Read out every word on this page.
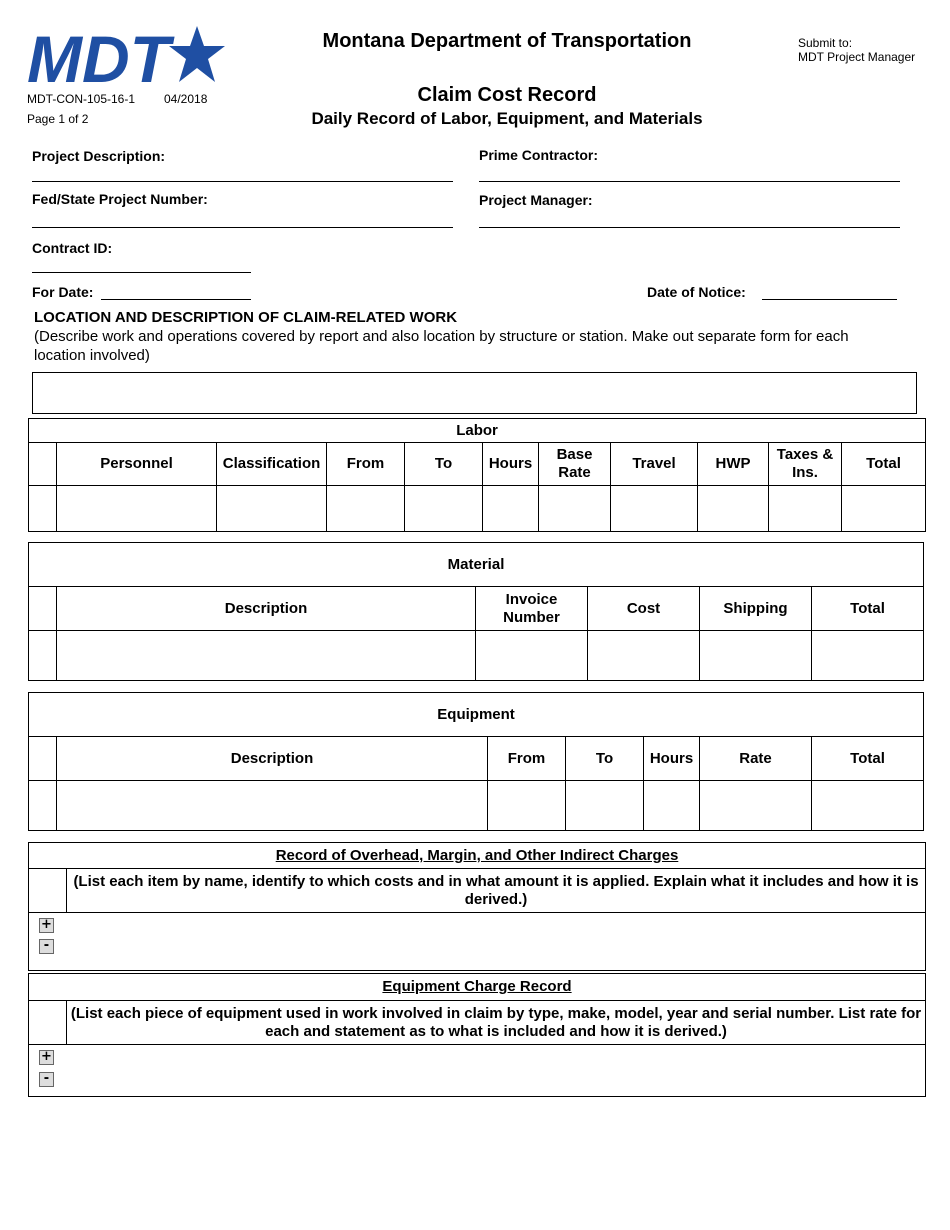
MDT
MDT-CON-105-16-1 04/2018
Page 1 of 2
Montana Department of Transportation
Claim Cost Record
Daily Record of Labor, Equipment, and Materials
Submit to:
MDT Project Manager
Project Description:	Prime Contractor:
Fed/State Project Number:	Project Manager:
Contract ID:
For Date:	Date of Notice:
LOCATION AND DESCRIPTION OF CLAIM-RELATED WORK
(Describe work and operations covered by report and also location by structure or station. Make out separate form for each location involved)
Labor										
	Personnel	Classification	From	To	Hours	Base Rate	Travel	HWP	Taxes & Ins.	Total

Material					
	Description	Invoice Number	Cost	Shipping	Total

Equipment						
	Description	From	To	Hours	Rate	Total

Record of Overhead, Margin, and Other Indirect Charges
	(List each item by name, identify to which costs and in what amount it is applied. Explain what it includes and how it is derived.)

+
-
Equipment Charge Record
	(List each piece of equipment used in work involved in claim by type, make, model, year and serial number. List rate for each and statement as to what is included and how it is derived.)

+
-
